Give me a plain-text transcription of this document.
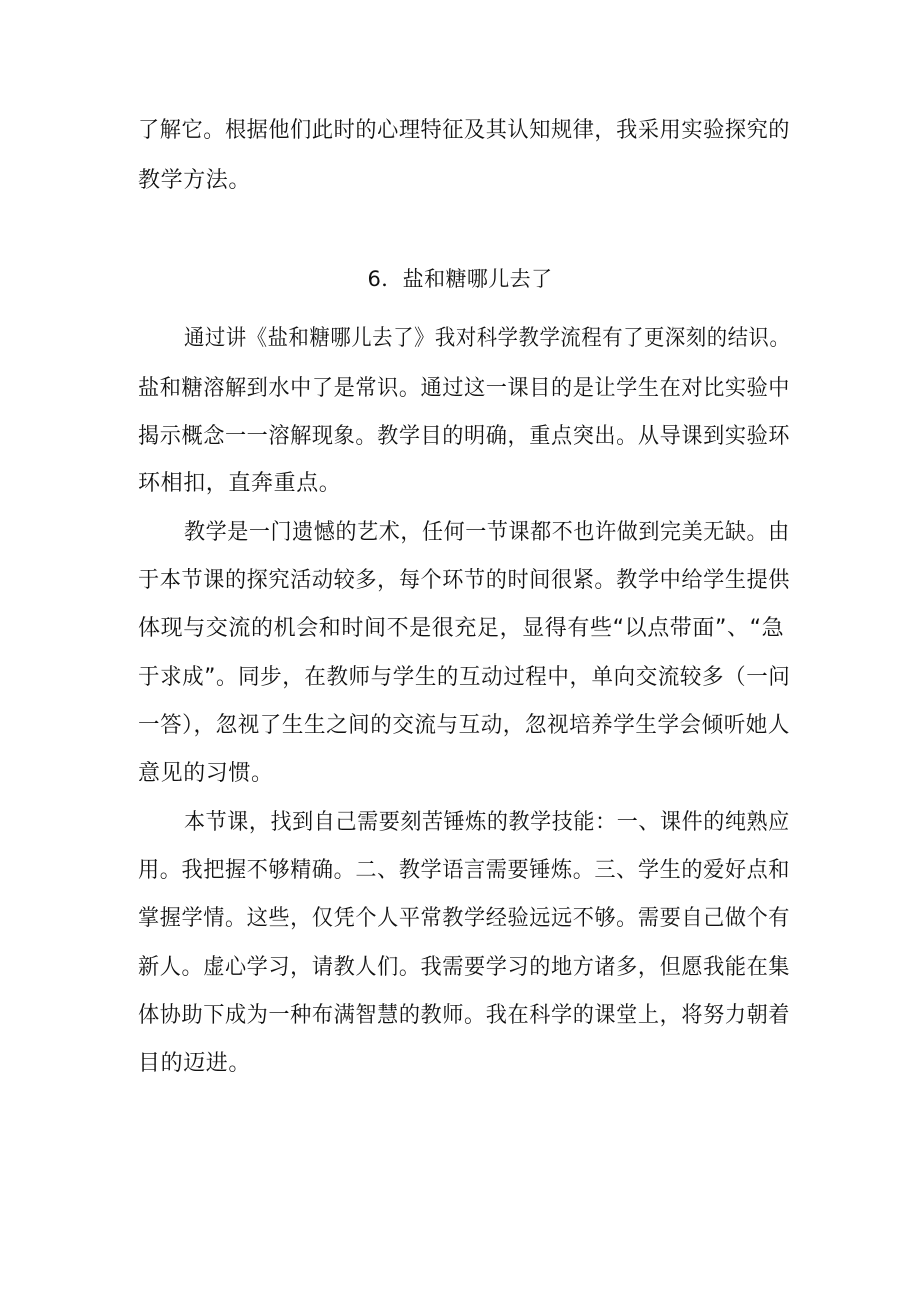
了解它。根据他们此时的心理特征及其认知规律，我采用实验探究的
教学方法。
6．盐和糖哪儿去了
通过讲《盐和糖哪儿去了》我对科学教学流程有了更深刻的结识。
盐和糖溶解到水中了是常识。通过这一课目的是让学生在对比实验中
揭示概念一一溶解现象。教学目的明确，重点突出。从导课到实验环
环相扣，直奔重点。
教学是一门遗憾的艺术，任何一节课都不也许做到完美无缺。由
于本节课的探究活动较多，每个环节的时间很紧。教学中给学生提供
体现与交流的机会和时间不是很充足，显得有些“以点带面”、“急
于求成”。同步，在教师与学生的互动过程中，单向交流较多（一问
一答），忽视了生生之间的交流与互动，忽视培养学生学会倾听她人
意见的习惯。
本节课，找到自己需要刻苦锤炼的教学技能：一、课件的纯熟应
用。我把握不够精确。二、教学语言需要锤炼。三、学生的爱好点和
掌握学情。这些，仅凭个人平常教学经验远远不够。需要自己做个有
新人。虚心学习，请教人们。我需要学习的地方诸多，但愿我能在集
体协助下成为一种布满智慧的教师。我在科学的课堂上，将努力朝着
目的迈进。
